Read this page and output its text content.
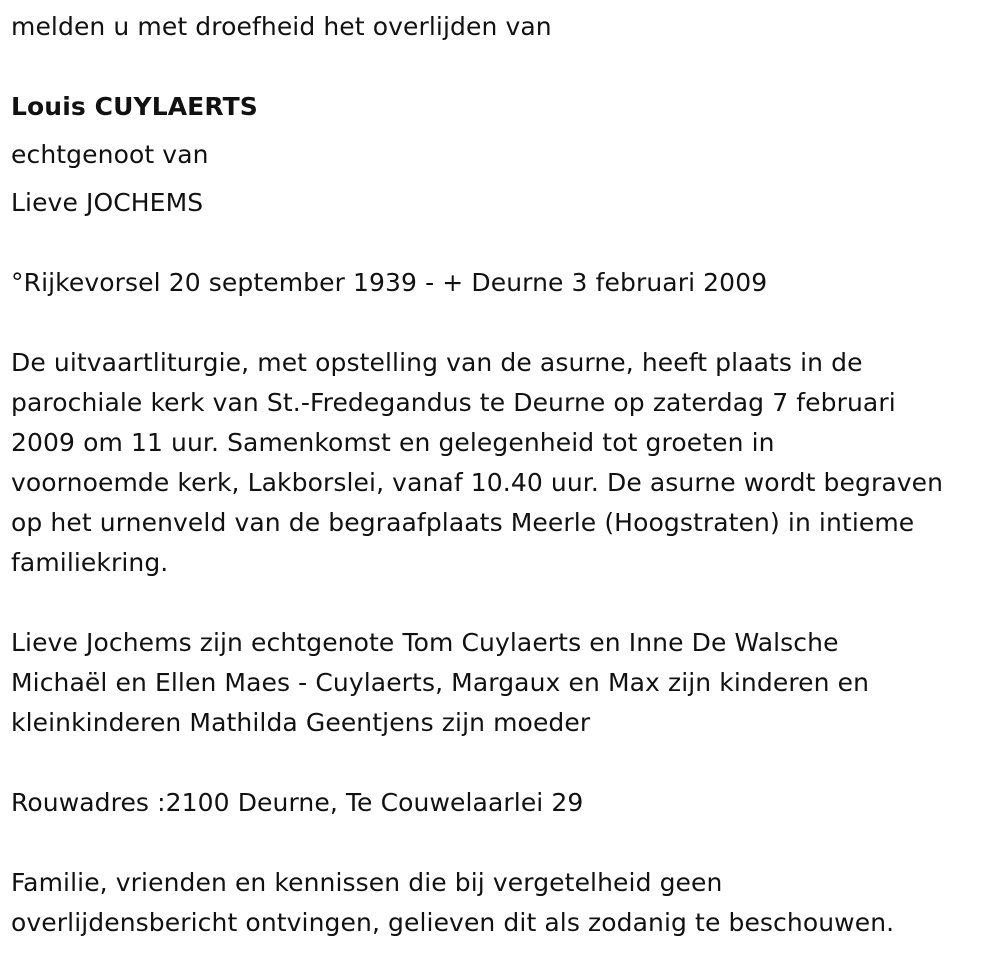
melden u met droefheid het overlijden van
Louis CUYLAERTS
echtgenoot van
Lieve JOCHEMS
°Rijkevorsel 20 september 1939 - + Deurne 3 februari 2009
De uitvaartliturgie, met opstelling van de asurne, heeft plaats in de
parochiale kerk van St.-Fredegandus te Deurne op zaterdag 7 februari
2009 om 11 uur. Samenkomst en gelegenheid tot groeten in
voornoemde kerk, Lakborslei, vanaf 10.40 uur. De asurne wordt begraven
op het urnenveld van de begraafplaats Meerle (Hoogstraten) in intieme
familiekring.
Lieve Jochems zijn echtgenote Tom Cuylaerts en Inne De Walsche
Michaël en Ellen Maes - Cuylaerts, Margaux en Max zijn kinderen en
kleinkinderen Mathilda Geentjens zijn moeder
Rouwadres :2100 Deurne, Te Couwelaarlei 29
Familie, vrienden en kennissen die bij vergetelheid geen
overlijdensbericht ontvingen, gelieven dit als zodanig te beschouwen.
